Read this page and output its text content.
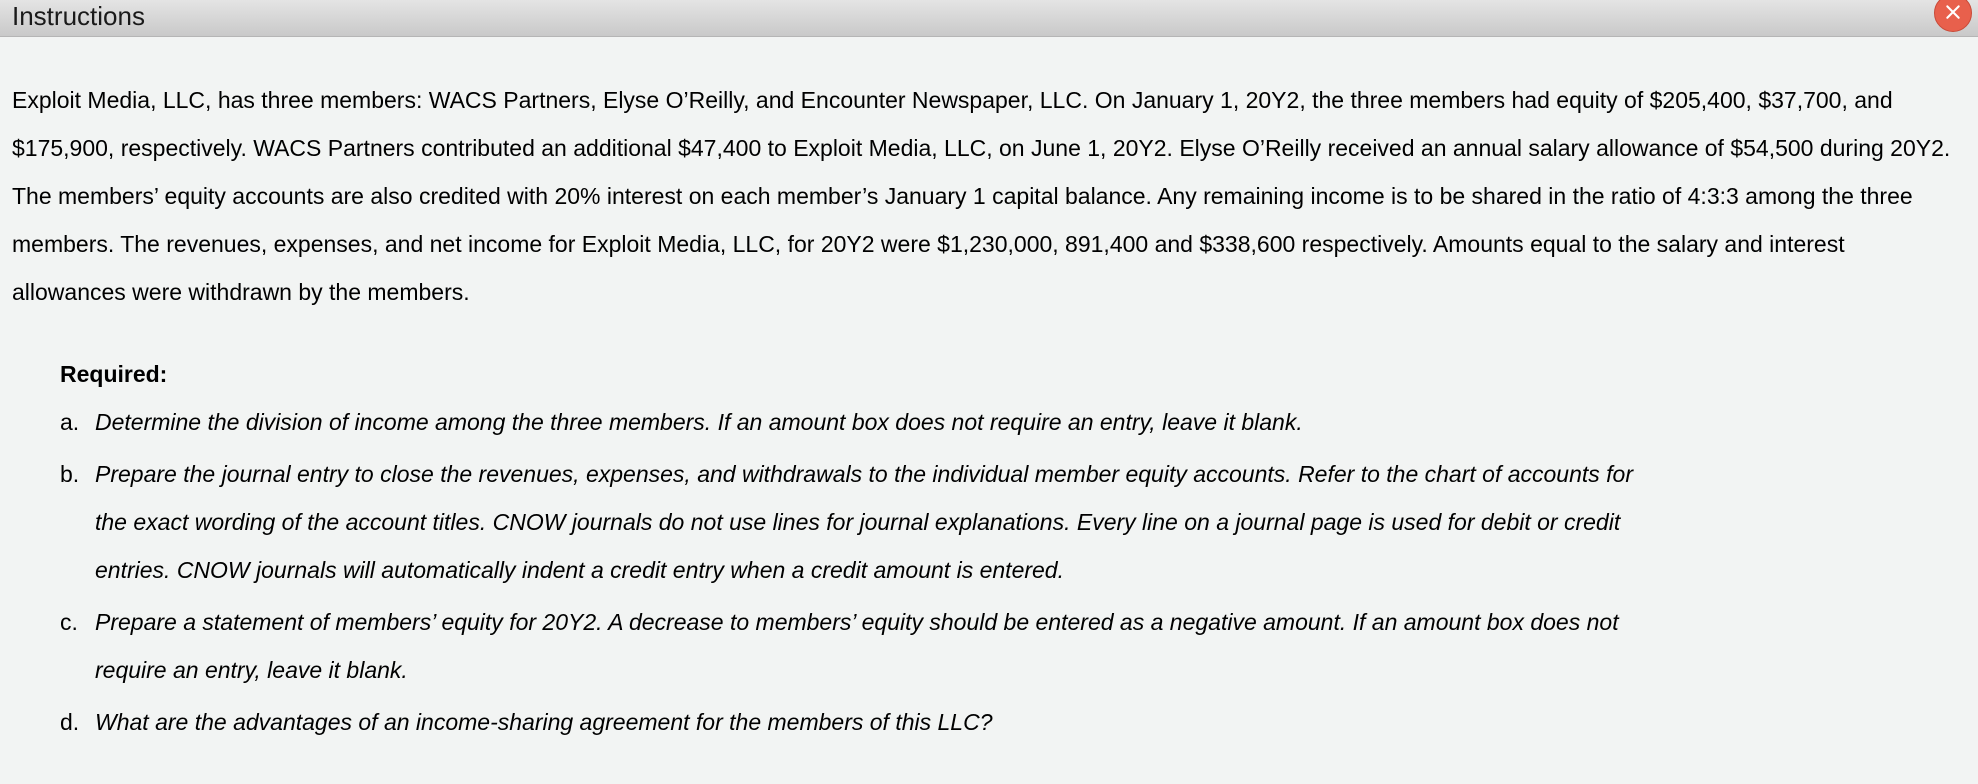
Instructions

Exploit Media, LLC, has three members: WACS Partners, Elyse O’Reilly, and Encounter Newspaper, LLC. On January 1, 20Y2, the three members had equity of $205,400, $37,700, and $175,900, respectively. WACS Partners contributed an additional $47,400 to Exploit Media, LLC, on June 1, 20Y2. Elyse O’Reilly received an annual salary allowance of $54,500 during 20Y2. The members’ equity accounts are also credited with 20% interest on each member’s January 1 capital balance. Any remaining income is to be shared in the ratio of 4:3:3 among the three members. The revenues, expenses, and net income for Exploit Media, LLC, for 20Y2 were $1,230,000, 891,400 and $338,600 respectively. Amounts equal to the salary and interest allowances were withdrawn by the members.

Required:

a. Determine the division of income among the three members. If an amount box does not require an entry, leave it blank.
b. Prepare the journal entry to close the revenues, expenses, and withdrawals to the individual member equity accounts. Refer to the chart of accounts for the exact wording of the account titles. CNOW journals do not use lines for journal explanations. Every line on a journal page is used for debit or credit entries. CNOW journals will automatically indent a credit entry when a credit amount is entered.
c. Prepare a statement of members’ equity for 20Y2. A decrease to members’ equity should be entered as a negative amount. If an amount box does not require an entry, leave it blank.
d. What are the advantages of an income-sharing agreement for the members of this LLC?
